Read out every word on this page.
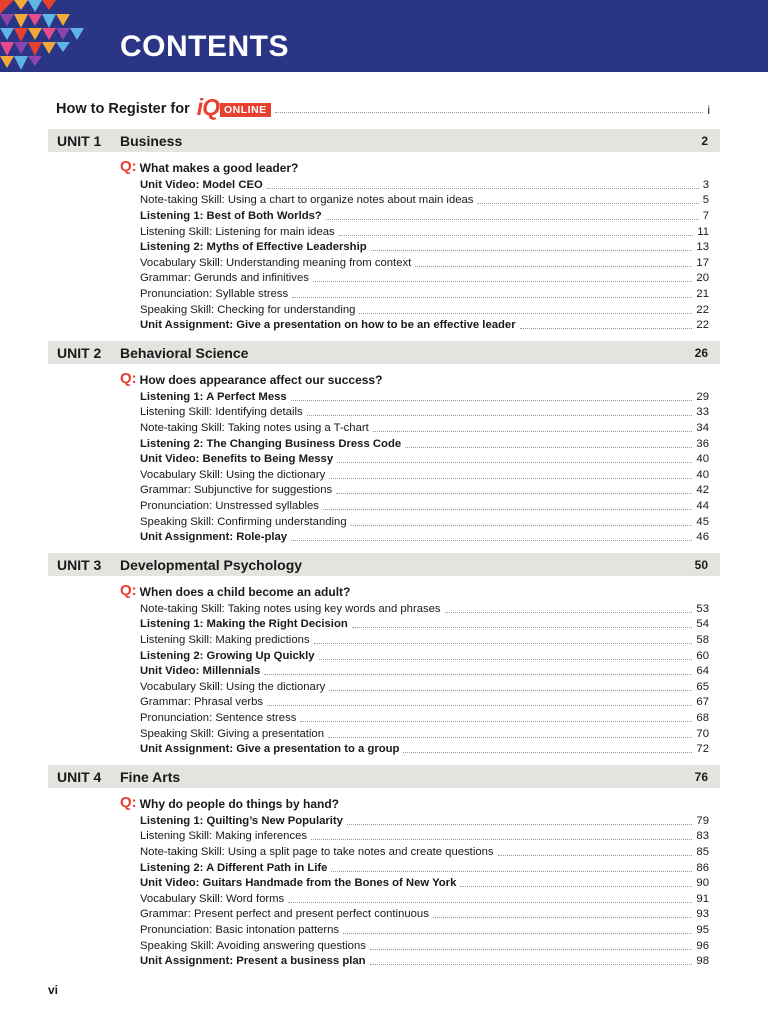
CONTENTS
How to Register for iQ ONLINE	i
UNIT 1 Business	2
Q: What makes a good leader?
Unit Video: Model CEO	3
Note-taking Skill: Using a chart to organize notes about main ideas	5
Listening 1: Best of Both Worlds?	7
Listening Skill: Listening for main ideas	11
Listening 2: Myths of Effective Leadership	13
Vocabulary Skill: Understanding meaning from context	17
Grammar: Gerunds and infinitives	20
Pronunciation: Syllable stress	21
Speaking Skill: Checking for understanding	22
Unit Assignment: Give a presentation on how to be an effective leader	22
UNIT 2 Behavioral Science	26
Q: How does appearance affect our success?
Listening 1: A Perfect Mess	29
Listening Skill: Identifying details	33
Note-taking Skill: Taking notes using a T-chart	34
Listening 2: The Changing Business Dress Code	36
Unit Video: Benefits to Being Messy	40
Vocabulary Skill: Using the dictionary	40
Grammar: Subjunctive for suggestions	42
Pronunciation: Unstressed syllables	44
Speaking Skill: Confirming understanding	45
Unit Assignment: Role-play	46
UNIT 3 Developmental Psychology	50
Q: When does a child become an adult?
Note-taking Skill: Taking notes using key words and phrases	53
Listening 1: Making the Right Decision	54
Listening Skill: Making predictions	58
Listening 2: Growing Up Quickly	60
Unit Video: Millennials	64
Vocabulary Skill: Using the dictionary	65
Grammar: Phrasal verbs	67
Pronunciation: Sentence stress	68
Speaking Skill: Giving a presentation	70
Unit Assignment: Give a presentation to a group	72
UNIT 4 Fine Arts	76
Q: Why do people do things by hand?
Listening 1: Quilting’s New Popularity	79
Listening Skill: Making inferences	83
Note-taking Skill: Using a split page to take notes and create questions	85
Listening 2: A Different Path in Life	86
Unit Video: Guitars Handmade from the Bones of New York	90
Vocabulary Skill: Word forms	91
Grammar: Present perfect and present perfect continuous	93
Pronunciation: Basic intonation patterns	95
Speaking Skill: Avoiding answering questions	96
Unit Assignment: Present a business plan	98
vi
